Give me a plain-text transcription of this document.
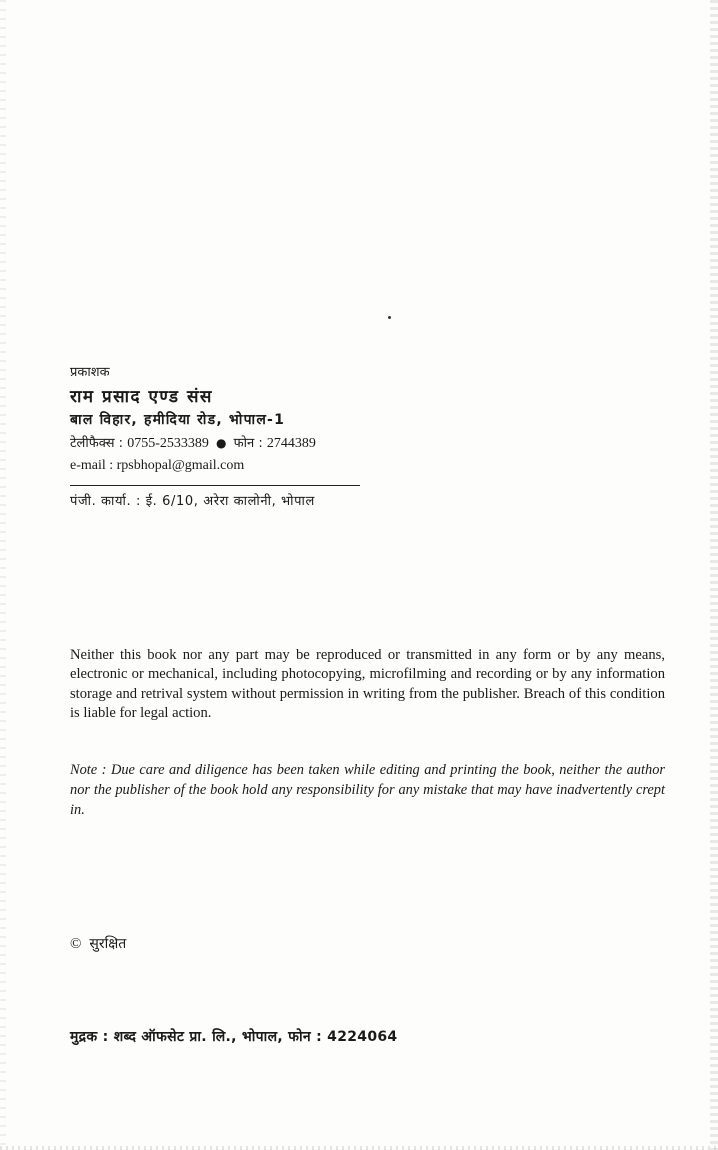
प्रकाशक

राम प्रसाद एण्ड संस

बाल विहार, हमीदिया रोड, भोपाल-1

टेलीफैक्स : 0755-2533389 ● फोन : 2744389

e-mail : rpsbhopal@gmail.com

पंजी. कार्या. : ई. 6/10, अरेरा कालोनी, भोपाल

Neither this book nor any part may be reproduced or transmitted in any form or by any means, electronic or mechanical, including photocopying, microfilming and recording or by any information storage and retrival system without permission in writing from the publisher. Breach of this condition is liable for legal action.

Note : Due care and diligence has been taken while editing and printing the book, neither the author nor the publisher of the book hold any responsibility for any mistake that may have inadvertently crept in.

© सुरक्षित

मुद्रक : शब्द ऑफसेट प्रा. लि., भोपाल, फोन : 4224064
